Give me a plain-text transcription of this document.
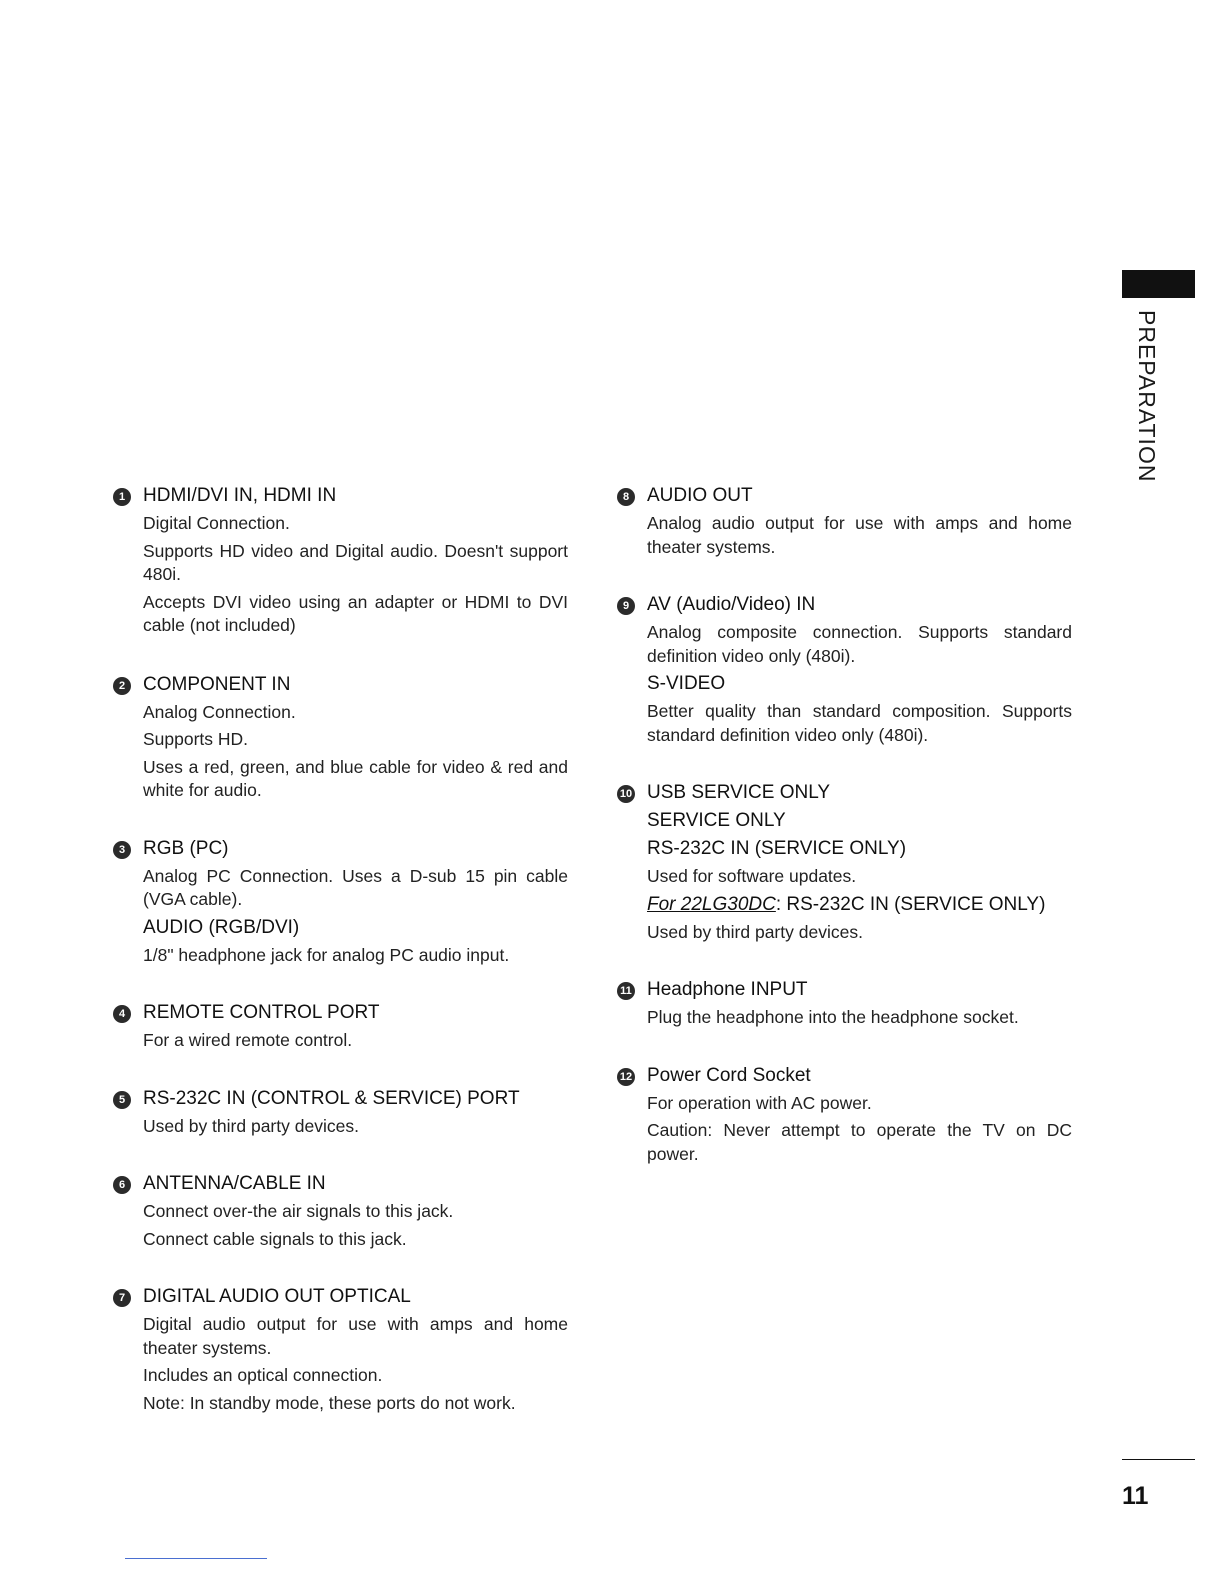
PREPARATION
1 HDMI/DVI IN, HDMI IN
Digital Connection.
Supports HD video and Digital audio. Doesn't support 480i.
Accepts DVI video using an adapter or HDMI to DVI cable (not included)
2 COMPONENT IN
Analog Connection.
Supports HD.
Uses a red, green, and blue cable for video & red and white for audio.
3 RGB (PC)
Analog PC Connection. Uses a D-sub 15 pin cable (VGA cable).
AUDIO (RGB/DVI)
1/8" headphone jack for analog PC audio input.
4 REMOTE CONTROL PORT
For a wired remote control.
5 RS-232C IN (CONTROL & SERVICE) PORT
Used by third party devices.
6 ANTENNA/CABLE IN
Connect over-the air signals to this jack.
Connect cable signals to this jack.
7 DIGITAL AUDIO OUT OPTICAL
Digital audio output for use with amps and home theater systems.
Includes an optical connection.
Note: In standby mode, these ports do not work.
8 AUDIO OUT
Analog audio output for use with amps and home theater systems.
9 AV (Audio/Video) IN
Analog composite connection. Supports standard definition video only (480i).
S-VIDEO
Better quality than standard composition. Supports standard definition video only (480i).
10 USB SERVICE ONLY
SERVICE ONLY
RS-232C IN (SERVICE ONLY)
Used for software updates.
For 22LG30DC: RS-232C IN (SERVICE ONLY)
Used by third party devices.
11 Headphone INPUT
Plug the headphone into the headphone socket.
12 Power Cord Socket
For operation with AC power.
Caution: Never attempt to operate the TV on DC power.
11
